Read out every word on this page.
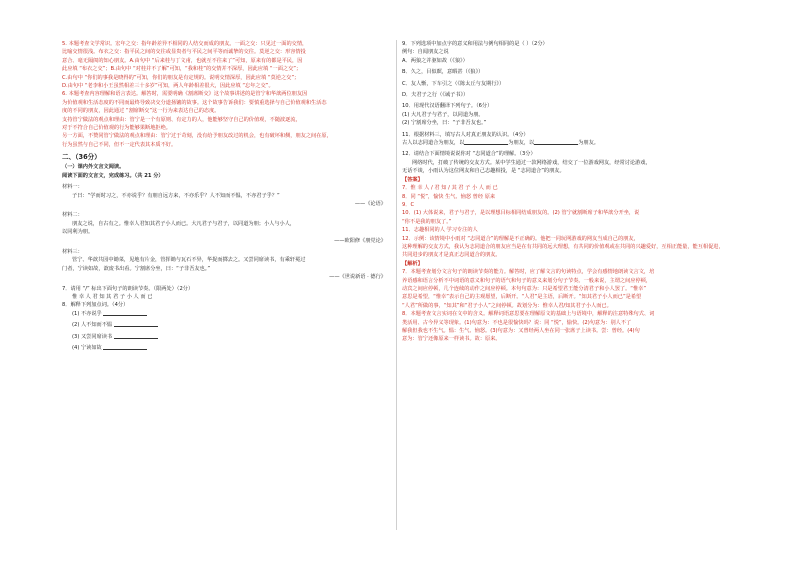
5. 本题考查文学常识。宏年之交：指年龄差异不相同的人结交而成的朋友。一面之交：只见过一面的交情，
比喻交情很浅。布衣之交：指平民之间的交往或显贵者与平民之间平等而诚挚的交往。莫逆之交：形容情投
意合、毫无隔阂的知心朋友。A.由句中 “后来桂与丁文甫，也就互不往来了”可知，原来有的都是平民，因
此应填 “布衣之交”；B.由句中 “对桂并不了解”可知，“我和桂”的交情并不深厚，因此应填 “一面之交”；
C.由句中 “你们的事我是晓得的”可知，你们的朋友是有定规的。说明交情深厚，因此应填 “莫逆之交”；
D.由句中 “老李和小王虽然相差三十多岁”可知，两人年龄相差很大，因此应填 “忘年之交”。
6. 本题考查内容理解和语言表达。解答时，需要明确《割席断交》这个故事讲述的是管宁和华歆两位朋友因
为价值观和生活态度的不同而最终导致决交分道扬镳的故事。这个故事告诉我们：要慎重选择与自己价值观和生活态
度的不同的朋友，因此通过 “割席断交”这一行为来表达自己的态度。
支持管宁做法的观点和理由：管宁是一个有原则、有定力的人，他能够坚守自己的价值观，不随波逐流，
对于不符合自己价值观的行为能够果断地拒绝。
另一方面，不赞同管宁做法的观点和理由：管宁过于苛刻，没有给予朋友改过的机会，也有破坏和侧，朋友之间在原，
行为虽然与自己不同，但不一定代表其本质不好。
二、（36分）
（一）课内外文言文阅读。
阅读下面的文言文，完成练习。（共 21 分）
材料一：
子曰：“学而时习之，不亦说乎？有朋自远方来，不亦乐乎？人不知而不愠，不亦君子乎？”
——《论语》
材料二：
朋友之说，自古有之。惟幸人君知其君子小人而已。大凡君子与君子，以同道为朋；小人与小人，
以同利为朋。
——欧阳修《朋党论》
材料三：
管宁、华歆共园中锄菜，见地有片金，管挥锄与瓦石不异，华捉而掷去之。又尝同席读书，有乘轩冕过
门者，宁读如故，歆废书出看。宁割席分坐，曰：“子非吾友也。”
——《世说新语 · 德行》
7．请用 “/” 标出下面句子的朗读节奏。（限两处）（2分）
惟 幸 人 君 知 其 君 子 小 人 而 已
8．解释下列加点词。（4分）
(1) 不亦说乎
(2) 人不知而不愠
(3) 又尝同席读书
(4) 宁读如故
9．下列选项中加点字的意义和用法与例句相同的是（ ）（2分）
例句：自闻朋友之说
A．两狼之并驱如故（《狼》）
B．久之，目似瞑，意暇甚（《狼》）
C．友人惭，下车引之（《陈太丘与友期行》）
D．夫君子之行（《诫子书》）
10．用现代汉语翻译下列句子。（6分）
(1) 大凡君子与君子，以同道为朋。
(2) 宁割席分坐，曰：“子非吾友也。”
11．根据材料三，填写古人对真正朋友的认识。（4分）
古人以志同道合为朋友，以	为朋友，以	为朋友。
12．请结合下面情境说说你对 “志同道合”的理解。（3分）
网络时代，打破了传统的交友方式。某中学生通过一款网络游戏，结交了一位游戏网友，经常讨论游戏，
无话不谈，小雨认为这位网友和自己志趣相投，是 “志同道合”的朋友。
【答案】
7．惟 幸 人 / 君 知 / 其 君 子 小 人 而 已
8．同 “悦”，愉快 生气、恼怒 曾经 原来
9．C
10．(1) 大体说来，君子与君子，是以理想目标相同结成朋友的。(2) 管宁就割断席子和华歆分开坐，说
“你不是我的朋友了。”
11．志趣相同的人 学习专注的人
12．示例：该情境中小雨对 “志同道合”的理解是不正确的。他把一同玩网游戏的网友当成自己的朋友，
这种理解的交友方式，我认为志同道合的朋友应当是在有共同的远大理想，有共同的价值观或在共同的兴趣爱好，互相正能量，能互相促进，
共同进步的朋友才是真正志同道合的朋友。
【解析】
7．本题考查划分文言句子的朗读节奏的能力。解答时，应了解文言的句读特点，学会有感情地朗读文言文，培
养语感和语言分析不中词语的意义和句子的语气和句子的意义来划分句子节奏。一般来说，主谓之间应停顿，
动宾之间应停顿，几个连续的动作之间应停顿。本句句意为：只是希望君王能分清君子和小人罢了。“惟幸”
意思是希望，“惟幸”表示自己的主观愿望，后断开。“人君”是主语，后断开。“知其君子小人而已”是希望
“人君”所做的事，“知其”和“君子小人”之间停顿。故划分为：惟幸人君/知其君子小人而已。
8．本题考查文言实词在文中的含义。解释词语意思要在理解原文的基础上与语境中，解释的注意特殊句式、词
类活用、古今异义等现象。(1)句意为：不也是很愉快吗？说：同 “悦”，愉快。(2)句意为：别人不了
解我但我也不生气。愠：生气、恼怒。(3)句意为：又曾经两人坐在同一张席子上读书。尝：曾经。(4)句
意为：管宁还像原来一样读书。故：原来。
